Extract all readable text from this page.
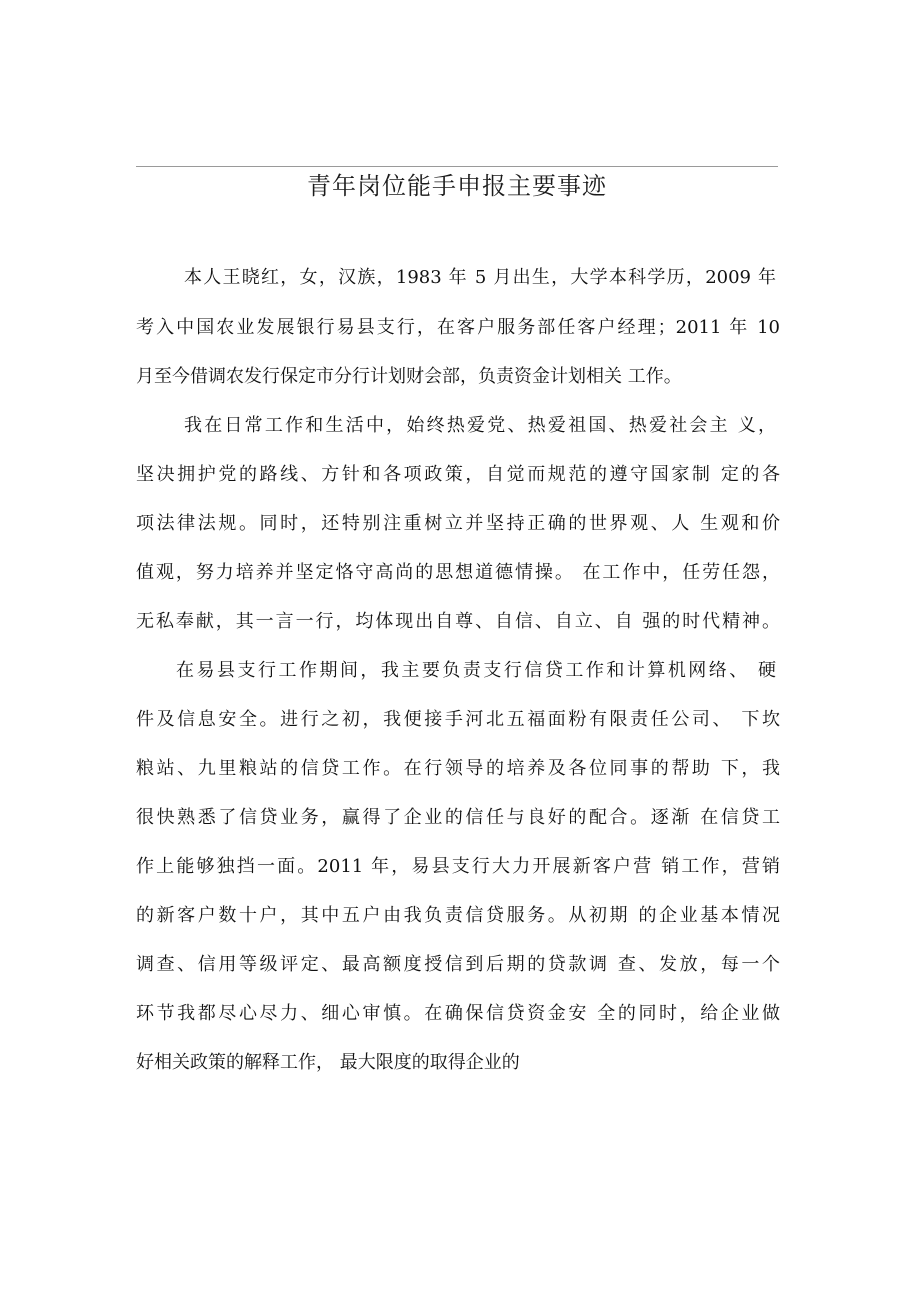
青年岗位能手申报主要事迹
本人王晓红，女，汉族，1983 年 5 月出生，大学本科学历，2009 年
考入中国农业发展银行易县支行，在客户服务部任客户经理；2011 年 10
月至今借调农发行保定市分行计划财会部，负责资金计划相关 工作。
我在日常工作和生活中，始终热爱党、热爱祖国、热爱社会主 义，
坚决拥护党的路线、方针和各项政策，自觉而规范的遵守国家制 定的各
项法律法规。同时，还特别注重树立并坚持正确的世界观、人 生观和价
值观，努力培养并坚定恪守高尚的思想道德情操。 在工作中，任劳任怨，
无私奉献，其一言一行，均体现出自尊、自信、自立、自 强的时代精神。
在易县支行工作期间，我主要负责支行信贷工作和计算机网络、 硬
件及信息安全。进行之初，我便接手河北五福面粉有限责任公司、 下坎
粮站、九里粮站的信贷工作。在行领导的培养及各位同事的帮助 下，我
很快熟悉了信贷业务，赢得了企业的信任与良好的配合。逐渐 在信贷工
作上能够独挡一面。2011 年，易县支行大力开展新客户营 销工作，营销
的新客户数十户，其中五户由我负责信贷服务。从初期 的企业基本情况
调查、信用等级评定、最高额度授信到后期的贷款调 查、发放，每一个
环节我都尽心尽力、细心审慎。在确保信贷资金安 全的同时，给企业做
好相关政策的解释工作， 最大限度的取得企业的
